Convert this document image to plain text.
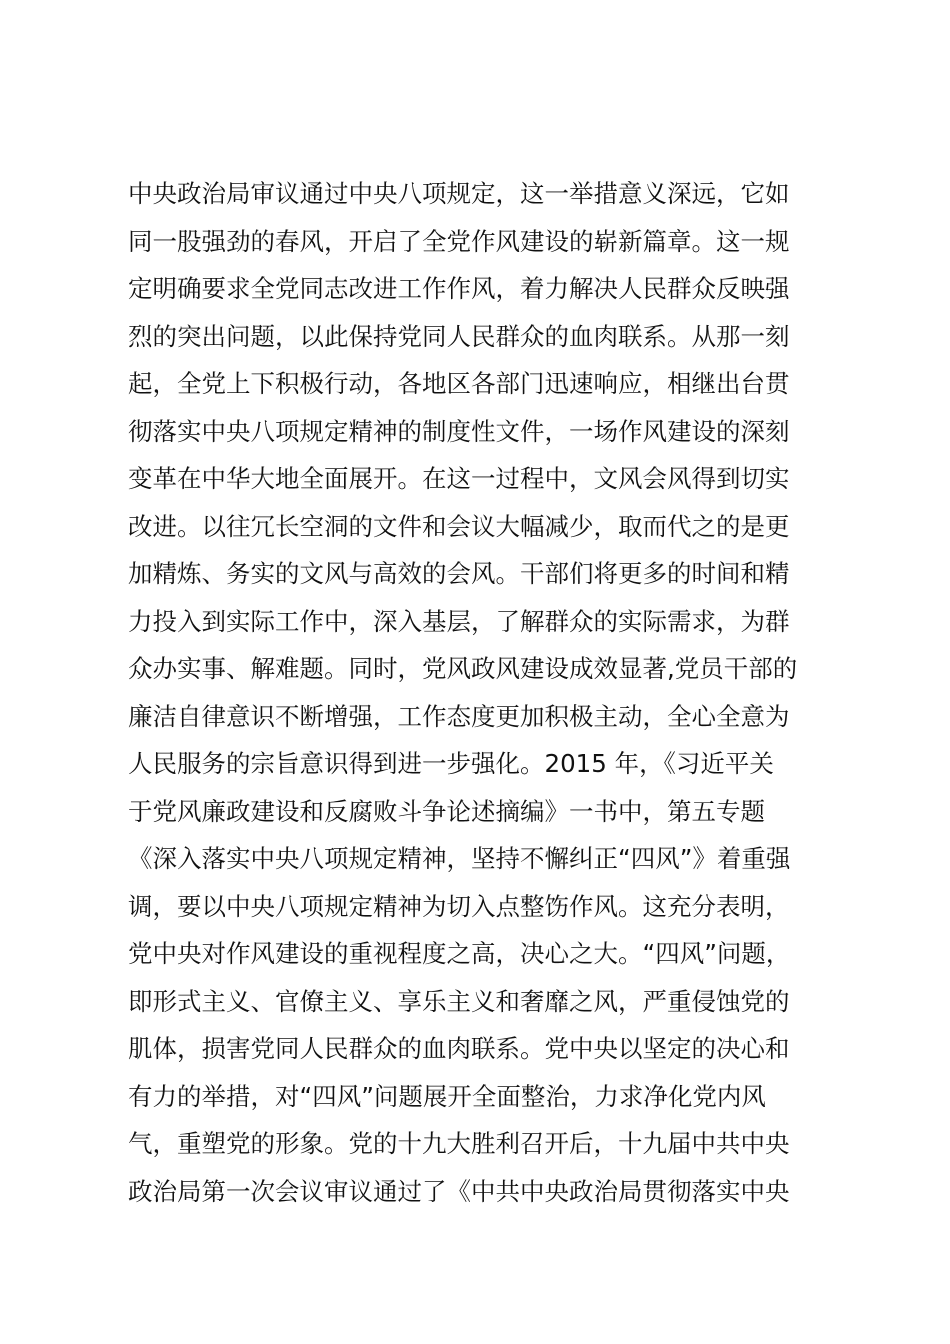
中央政治局审议通过中央八项规定，这一举措意义深远，它如
同一股强劲的春风，开启了全党作风建设的崭新篇章。这一规
定明确要求全党同志改进工作作风，着力解决人民群众反映强
烈的突出问题，以此保持党同人民群众的血肉联系。从那一刻
起，全党上下积极行动，各地区各部门迅速响应，相继出台贯
彻落实中央八项规定精神的制度性文件，一场作风建设的深刻
变革在中华大地全面展开。在这一过程中，文风会风得到切实
改进。以往冗长空洞的文件和会议大幅减少，取而代之的是更
加精炼、务实的文风与高效的会风。干部们将更多的时间和精
力投入到实际工作中，深入基层，了解群众的实际需求，为群
众办实事、解难题。同时，党风政风建设成效显著,党员干部的
廉洁自律意识不断增强，工作态度更加积极主动，全心全意为
人民服务的宗旨意识得到进一步强化。2015 年，《习近平关
于党风廉政建设和反腐败斗争论述摘编》一书中，第五专题
《深入落实中央八项规定精神，坚持不懈纠正“四风”》着重强
调，要以中央八项规定精神为切入点整饬作风。这充分表明，
党中央对作风建设的重视程度之高，决心之大。“四风”问题，
即形式主义、官僚主义、享乐主义和奢靡之风，严重侵蚀党的
肌体，损害党同人民群众的血肉联系。党中央以坚定的决心和
有力的举措，对“四风”问题展开全面整治，力求净化党内风
气，重塑党的形象。党的十九大胜利召开后，十九届中共中央
政治局第一次会议审议通过了《中共中央政治局贯彻落实中央
